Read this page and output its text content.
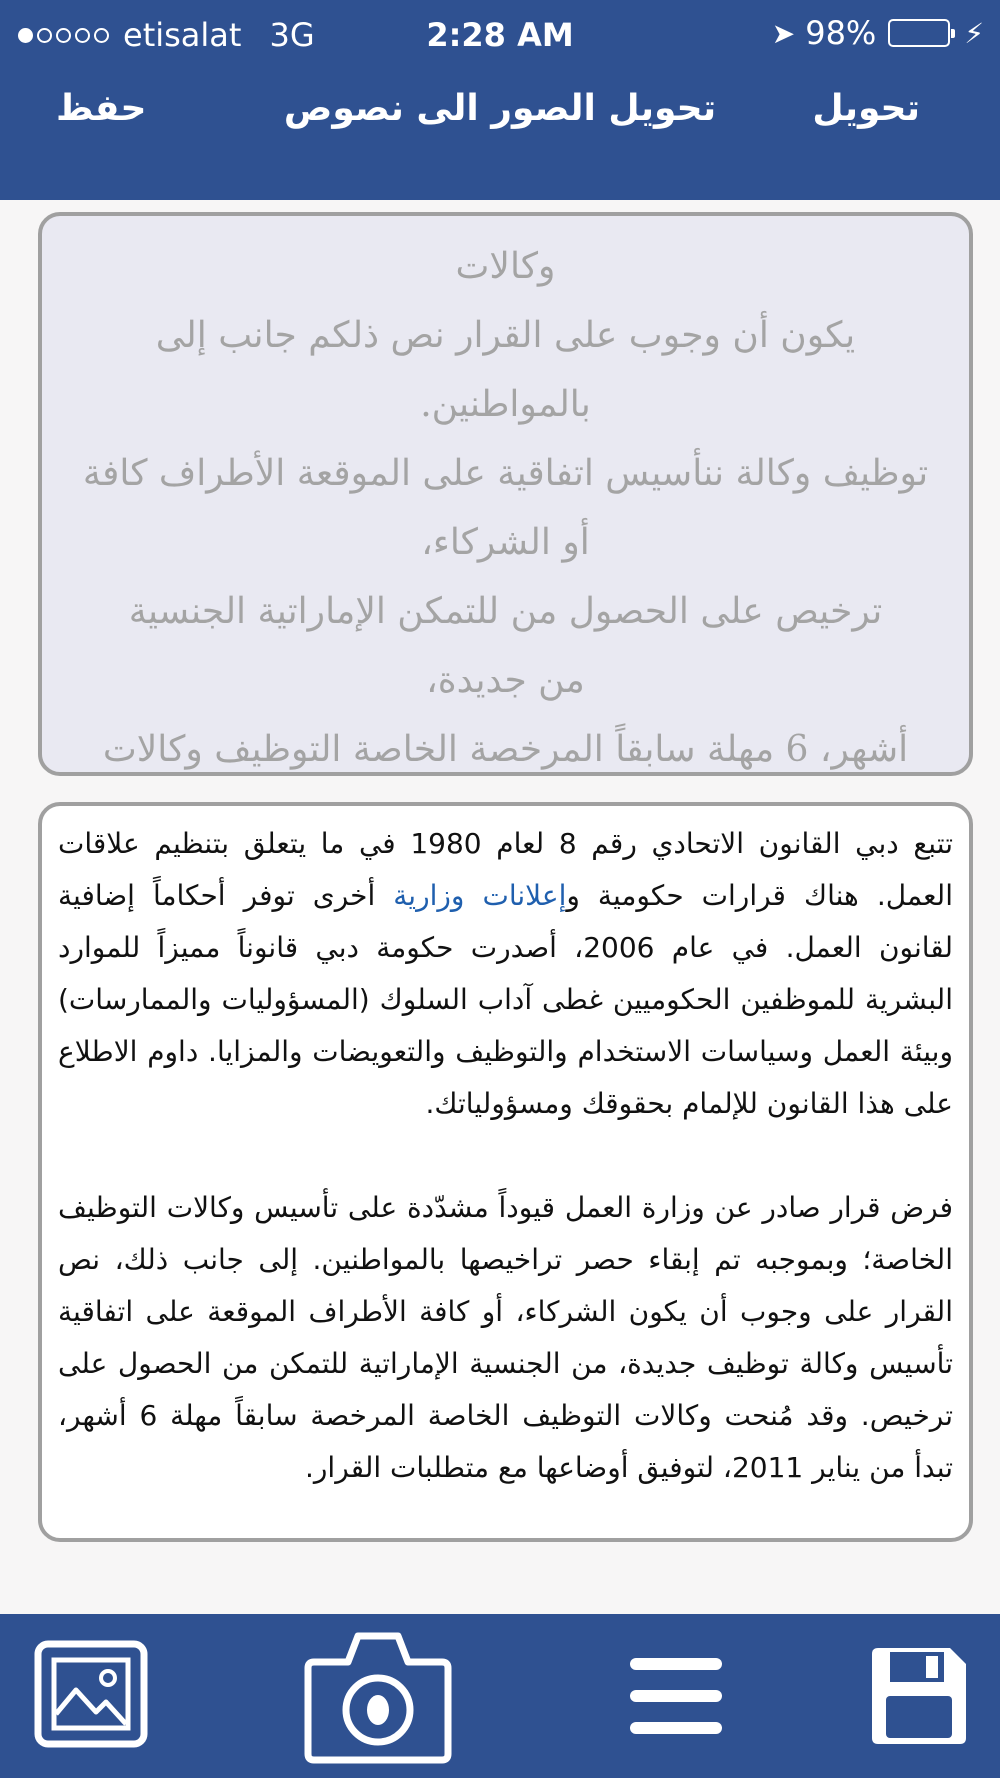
etisalat 3G	2:28 AM	➤ 98%	⚡
حفظ	تحويل الصور الى نصوص	تحويل
وكالات
يكون أن وجوب على القرار نص ذلكم جانب إلى
بالمواطنين.
توظيف وكالة ننأسيس اتفاقية على الموقعة الأطراف كافة
أو الشركاء،
ترخيص على الحصول من للتمكن الإماراتية الجنسية
من جديدة،
أشهر، 6 مهلة سابقاً المرخصة الخاصة التوظيف وكالات

تتبع دبي القانون الاتحادي رقم 8 لعام 1980 في ما يتعلق بتنظيم علاقات العمل. هناك قرارات حكومية وإعلانات وزارية أخرى توفر أحكاماً إضافية لقانون العمل. في عام 2006، أصدرت حكومة دبي قانوناً مميزاً للموارد البشرية للموظفين الحكوميين غطى آداب السلوك (المسؤوليات والممارسات) وبيئة العمل وسياسات الاستخدام والتوظيف والتعويضات والمزايا. داوم الاطلاع على هذا القانون للإلمام بحقوقك ومسؤولياتك.

فرض قرار صادر عن وزارة العمل قيوداً مشدّدة على تأسيس وكالات التوظيف الخاصة؛ وبموجبه تم إبقاء حصر تراخيصها بالمواطنين. إلى جانب ذلك، نص القرار على وجوب أن يكون الشركاء، أو كافة الأطراف الموقعة على اتفاقية تأسيس وكالة توظيف جديدة، من الجنسية الإماراتية للتمكن من الحصول على ترخيص. وقد مُنحت وكالات التوظيف الخاصة المرخصة سابقاً مهلة 6 أشهر، تبدأ من يناير 2011، لتوفيق أوضاعها مع متطلبات القرار.
